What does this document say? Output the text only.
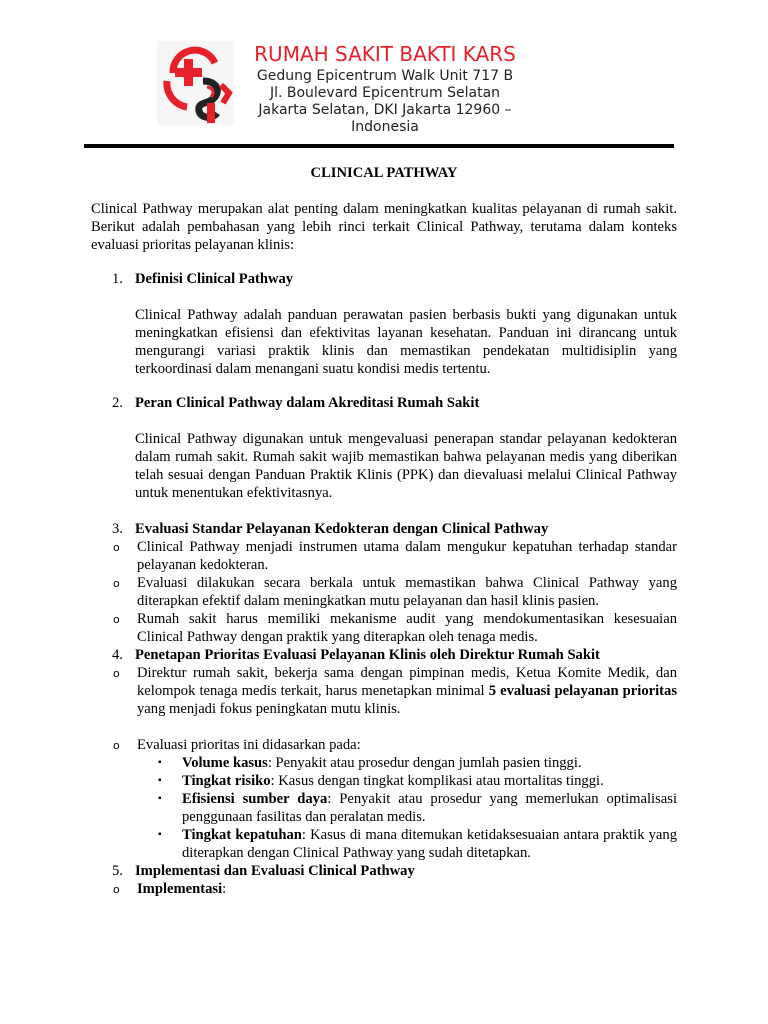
RUMAH SAKIT BAKTI KARS
Gedung Epicentrum Walk Unit 717 B
Jl. Boulevard Epicentrum Selatan
Jakarta Selatan, DKI Jakarta 12960 –
Indonesia
CLINICAL PATHWAY

Clinical Pathway merupakan alat penting dalam meningkatkan kualitas pelayanan di rumah sakit. Berikut adalah pembahasan yang lebih rinci terkait Clinical Pathway, terutama dalam konteks evaluasi prioritas pelayanan klinis:

1. Definisi Clinical Pathway

Clinical Pathway adalah panduan perawatan pasien berbasis bukti yang digunakan untuk meningkatkan efisiensi dan efektivitas layanan kesehatan. Panduan ini dirancang untuk mengurangi variasi praktik klinis dan memastikan pendekatan multidisiplin yang terkoordinasi dalam menangani suatu kondisi medis tertentu.

2. Peran Clinical Pathway dalam Akreditasi Rumah Sakit

Clinical Pathway digunakan untuk mengevaluasi penerapan standar pelayanan kedokteran dalam rumah sakit. Rumah sakit wajib memastikan bahwa pelayanan medis yang diberikan telah sesuai dengan Panduan Praktik Klinis (PPK) dan dievaluasi melalui Clinical Pathway untuk menentukan efektivitasnya.

3. Evaluasi Standar Pelayanan Kedokteran dengan Clinical Pathway
o Clinical Pathway menjadi instrumen utama dalam mengukur kepatuhan terhadap standar pelayanan kedokteran.
o Evaluasi dilakukan secara berkala untuk memastikan bahwa Clinical Pathway yang diterapkan efektif dalam meningkatkan mutu pelayanan dan hasil klinis pasien.
o Rumah sakit harus memiliki mekanisme audit yang mendokumentasikan kesesuaian Clinical Pathway dengan praktik yang diterapkan oleh tenaga medis.
4. Penetapan Prioritas Evaluasi Pelayanan Klinis oleh Direktur Rumah Sakit
o Direktur rumah sakit, bekerja sama dengan pimpinan medis, Ketua Komite Medik, dan kelompok tenaga medis terkait, harus menetapkan minimal 5 evaluasi pelayanan prioritas yang menjadi fokus peningkatan mutu klinis.
o Evaluasi prioritas ini didasarkan pada:
▪ Volume kasus: Penyakit atau prosedur dengan jumlah pasien tinggi.
▪ Tingkat risiko: Kasus dengan tingkat komplikasi atau mortalitas tinggi.
▪ Efisiensi sumber daya: Penyakit atau prosedur yang memerlukan optimalisasi penggunaan fasilitas dan peralatan medis.
▪ Tingkat kepatuhan: Kasus di mana ditemukan ketidaksesuaian antara praktik yang diterapkan dengan Clinical Pathway yang sudah ditetapkan.
5. Implementasi dan Evaluasi Clinical Pathway
o Implementasi:
